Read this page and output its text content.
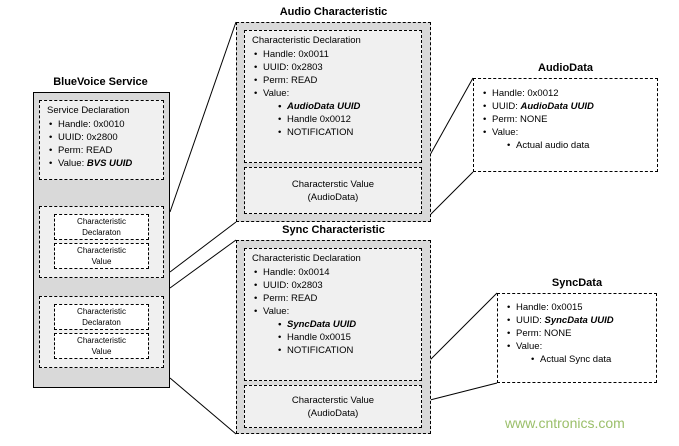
BlueVoice Service
Service Declaration
• Handle: 0x0010
• UUID: 0x2800
• Perm: READ
• Value: BVS UUID
Characteristic
Declaraton
Characteristic
Value
Characteristic
Declaraton
Characteristic
Value
Audio Characteristic
Characteristic Declaration
• Handle: 0x0011
• UUID: 0x2803
• Perm: READ
• Value:
• AudioData UUID
• Handle 0x0012
• NOTIFICATION
Characterstic Value
(AudioData)
Sync Characteristic
Characteristic Declaration
• Handle: 0x0014
• UUID: 0x2803
• Perm: READ
• Value:
• SyncData UUID
• Handle 0x0015
• NOTIFICATION
Characterstic Value
(AudioData)
AudioData
• Handle: 0x0012
• UUID: AudioData UUID
• Perm: NONE
• Value:
• Actual audio data
SyncData
• Handle: 0x0015
• UUID: SyncData UUID
• Perm: NONE
• Value:
• Actual Sync data
www.cntronics.com
